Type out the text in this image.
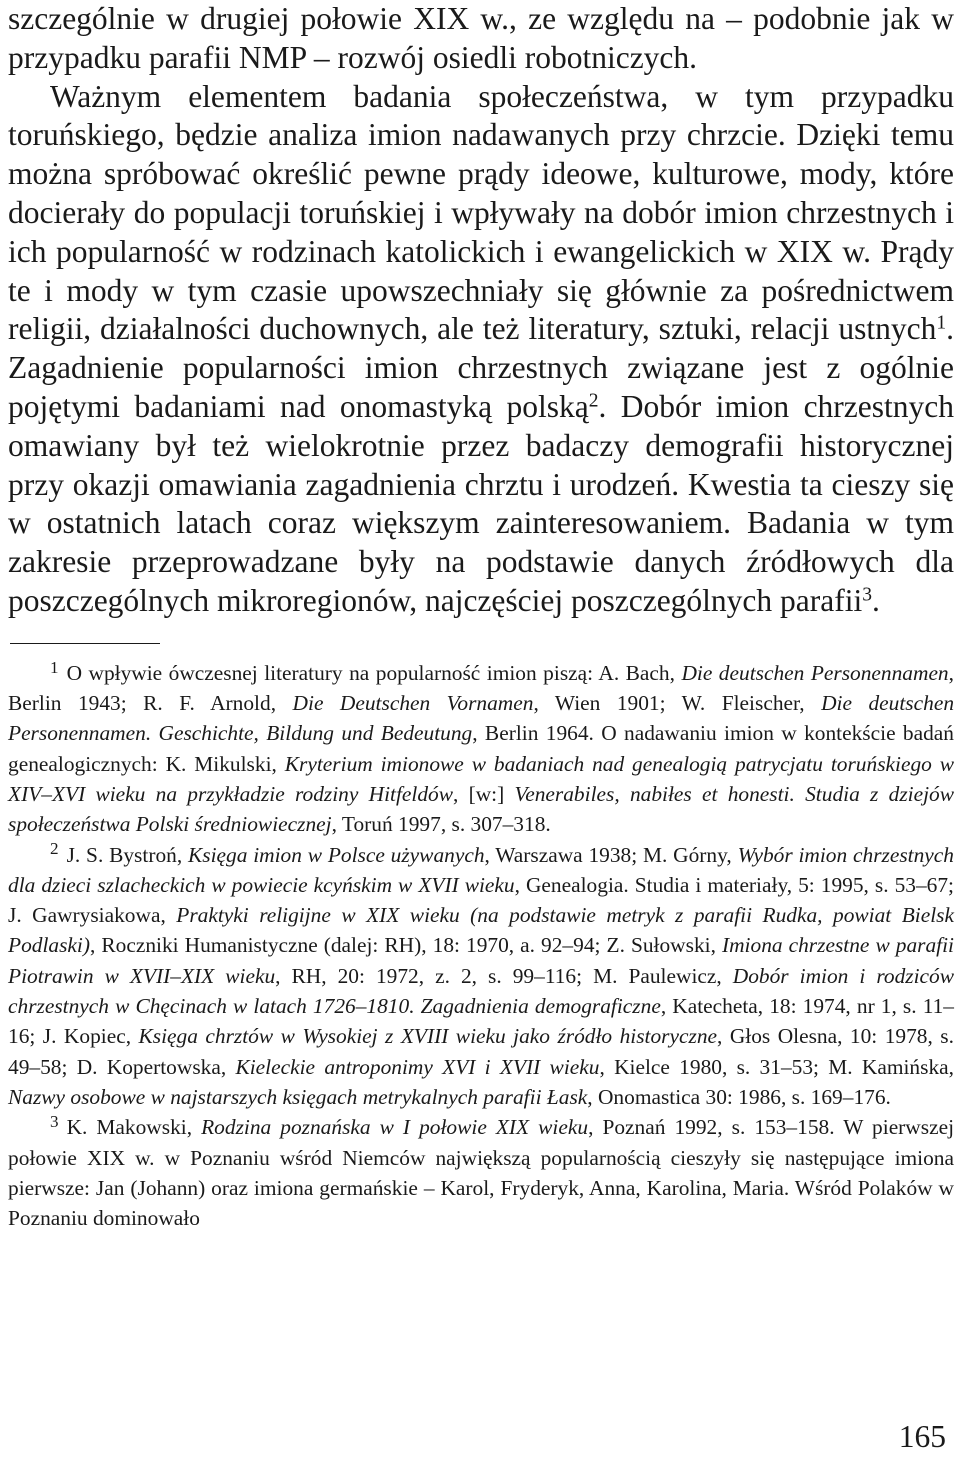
szczególnie w drugiej połowie XIX w., ze względu na – podobnie jak w przypadku parafii NMP – rozwój osiedli robotniczych.

Ważnym elementem badania społeczeństwa, w tym przypadku toruńskiego, będzie analiza imion nadawanych przy chrzcie. Dzięki temu można spróbować określić pewne prądy ideowe, kulturowe, mody, które docierały do populacji toruńskiej i wpływały na dobór imion chrzestnych i ich popularność w rodzinach katolickich i ewangelickich w XIX w. Prądy te i mody w tym czasie upowszechniały się głównie za pośrednictwem religii, działalności duchownych, ale też literatury, sztuki, relacji ustnych$^1$. Zagadnienie popularności imion chrzestnych związane jest z ogólnie pojętymi badaniami nad onomastyką polską$^2$. Dobór imion chrzestnych omawiany był też wielokrotnie przez badaczy demografii historycznej przy okazji omawiania zagadnienia chrztu i urodzeń. Kwestia ta cieszy się w ostatnich latach coraz większym zainteresowaniem. Badania w tym zakresie przeprowadzane były na podstawie danych źródłowych dla poszczególnych mikroregionów, najczęściej poszczególnych parafii$^3$.

$^1$ O wpływie ówczesnej literatury na popularność imion piszą: A. Bach, Die deutschen Personennamen, Berlin 1943; R. F. Arnold, Die Deutschen Vornamen, Wien 1901; W. Fleischer, Die deutschen Personennamen. Geschichte, Bildung und Bedeutung, Berlin 1964. O nadawaniu imion w kontekście badań genealogicznych: K. Mikulski, Kryterium imionowe w badaniach nad genealogią patrycjatu toruńskiego w XIV–XVI wieku na przykładzie rodziny Hitfeldów, [w:] Venerabiles, nabiłes et honesti. Studia z dziejów społeczeństwa Polski średniowiecznej, Toruń 1997, s. 307–318.

$^2$ J. S. Bystroń, Księga imion w Polsce używanych, Warszawa 1938; M. Górny, Wybór imion chrzestnych dla dzieci szlacheckich w powiecie kcyńskim w XVII wieku, Genealogia. Studia i materiały, 5: 1995, s. 53–67; J. Gawrysiakowa, Praktyki religijne w XIX wieku (na podstawie metryk z parafii Rudka, powiat Bielsk Podlaski), Roczniki Humanistyczne (dalej: RH), 18: 1970, a. 92–94; Z. Sułowski, Imiona chrzestne w parafii Piotrawin w XVII–XIX wieku, RH, 20: 1972, z. 2, s. 99–116; M. Paulewicz, Dobór imion i rodziców chrzestnych w Chęcinach w latach 1726–1810. Zagadnienia demograficzne, Katecheta, 18: 1974, nr 1, s. 11–16; J. Kopiec, Księga chrztów w Wysokiej z XVIII wieku jako źródło historyczne, Głos Olesna, 10: 1978, s. 49–58; D. Kopertowska, Kieleckie antroponimy XVI i XVII wieku, Kielce 1980, s. 31–53; M. Kamińska, Nazwy osobowe w najstarszych księgach metrykalnych parafii Łask, Onomastica 30: 1986, s. 169–176.

$^3$ K. Makowski, Rodzina poznańska w I połowie XIX wieku, Poznań 1992, s. 153–158. W pierwszej połowie XIX w. w Poznaniu wśród Niemców największą popularnością cieszyły się następujące imiona pierwsze: Jan (Johann) oraz imiona germańskie – Karol, Fryderyk, Anna, Karolina, Maria. Wśród Polaków w Poznaniu dominowało

165
